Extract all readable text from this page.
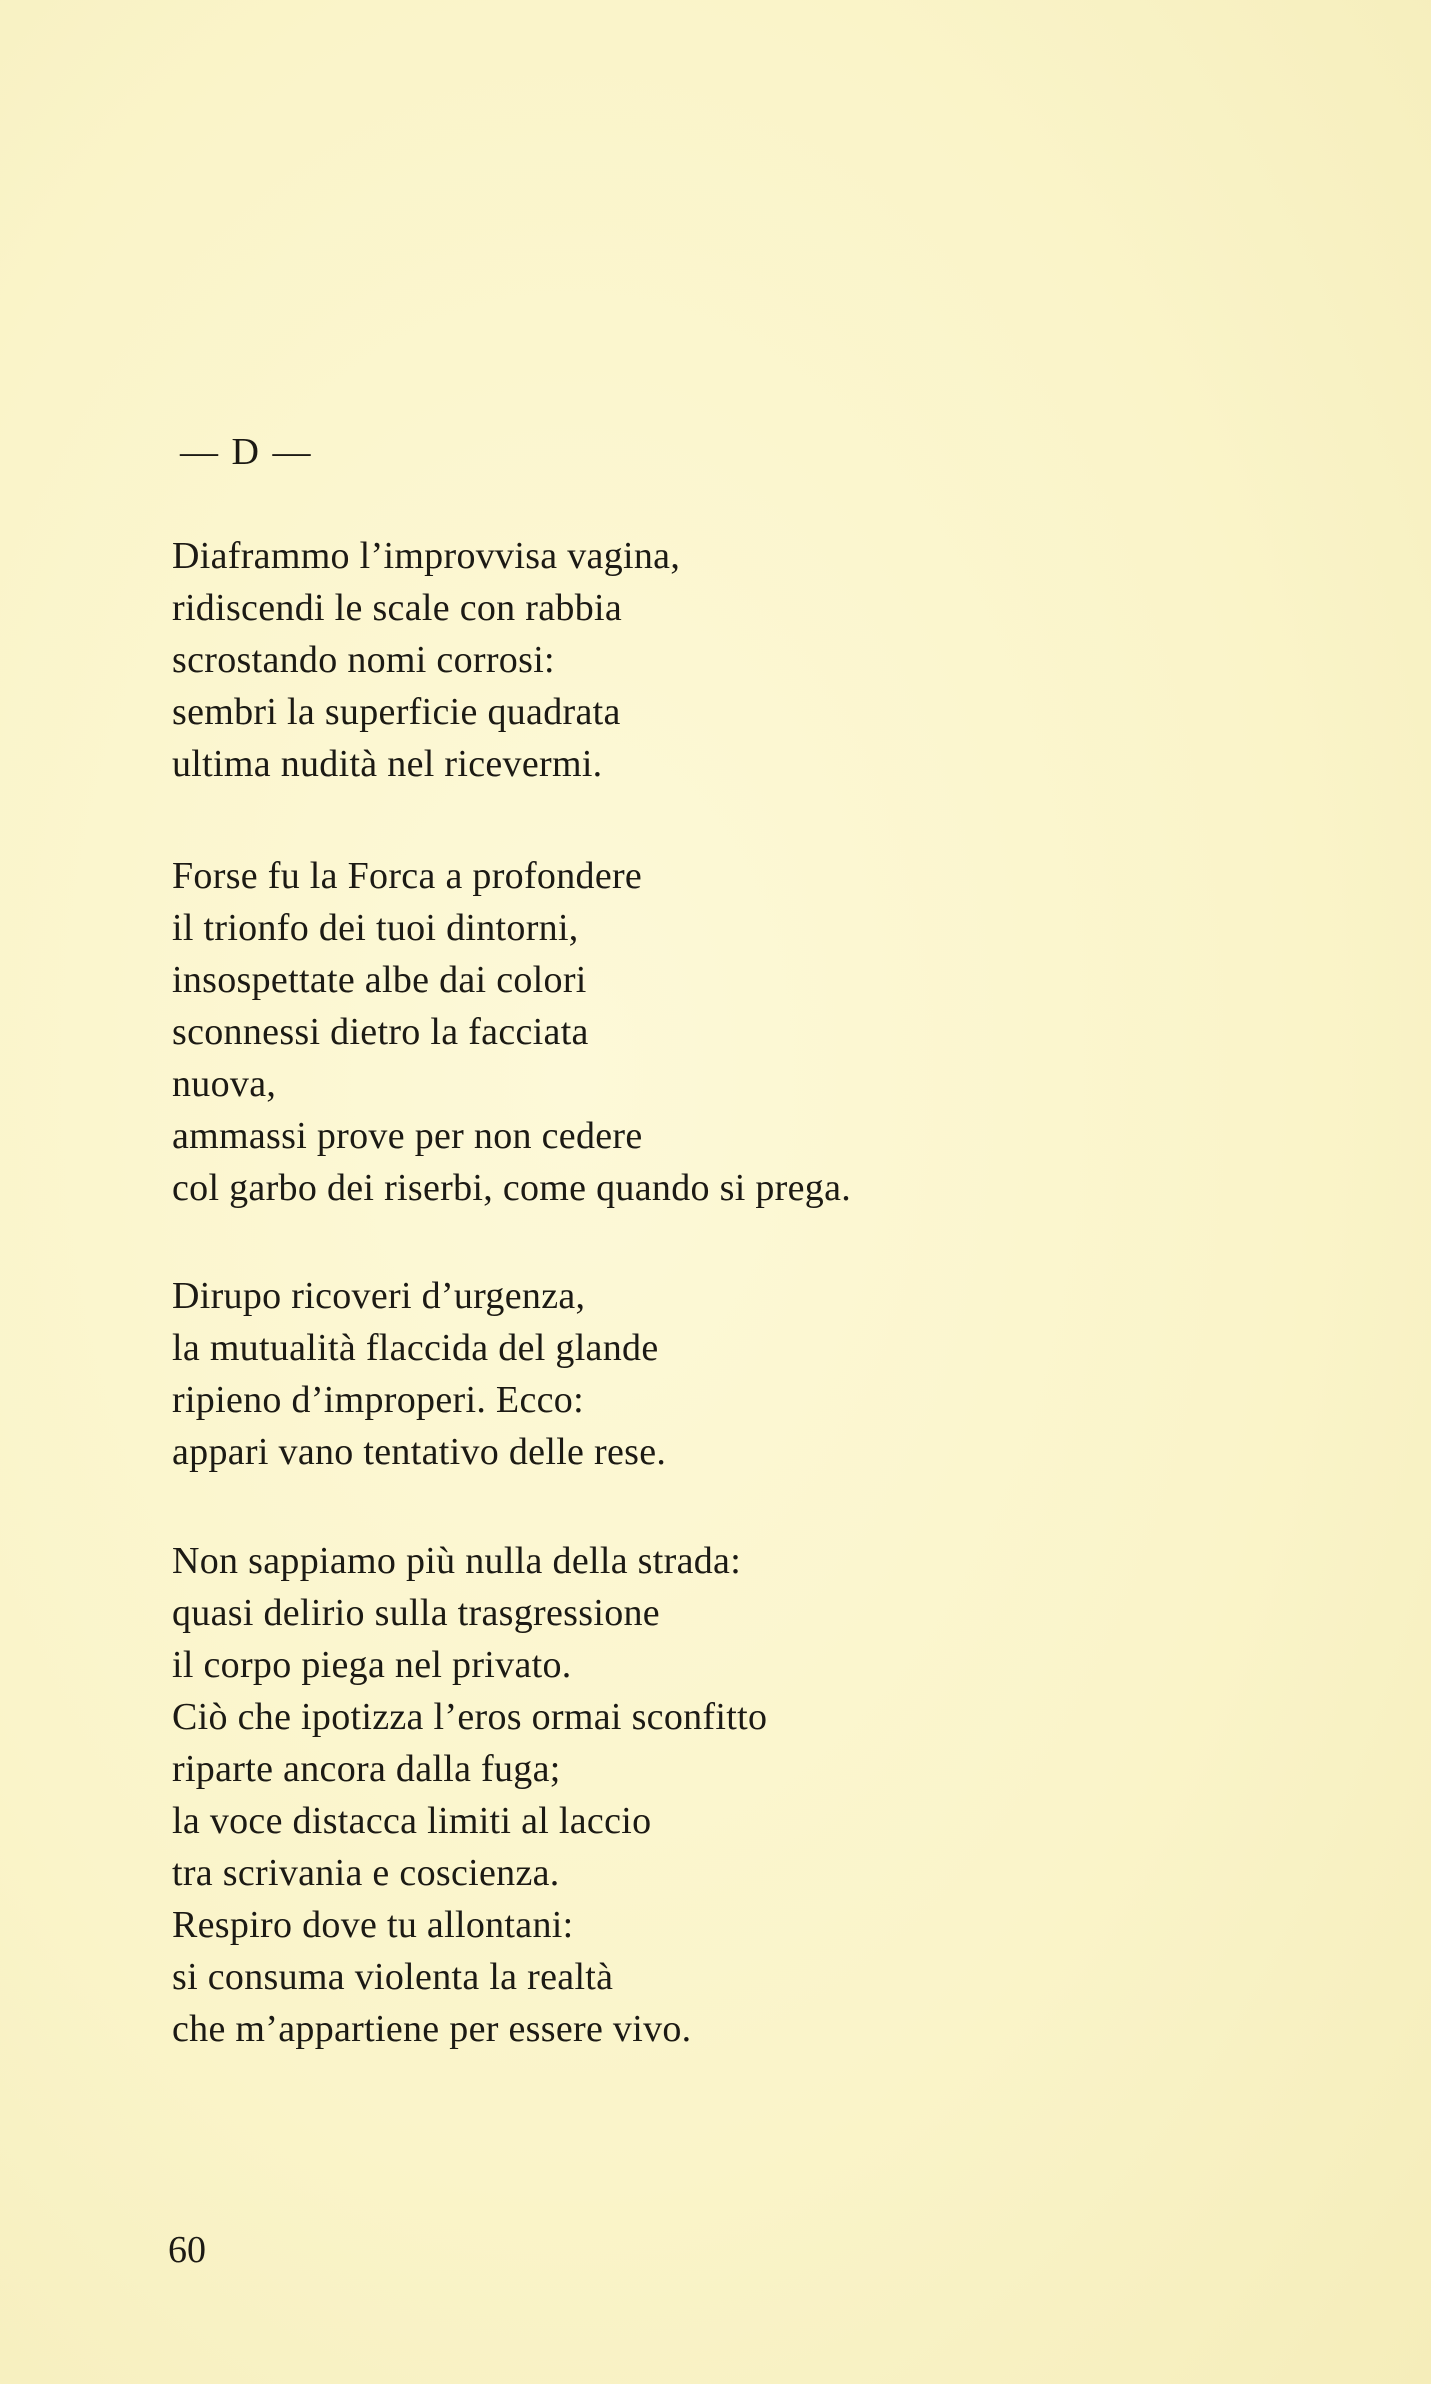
— D —
Diaframmo l’improvvisa vagina,
ridiscendi le scale con rabbia
scrostando nomi corrosi:
sembri la superficie quadrata
ultima nudità nel ricevermi.
Forse fu la Forca a profondere
il trionfo dei tuoi dintorni,
insospettate albe dai colori
sconnessi dietro la facciata
nuova,
ammassi prove per non cedere
col garbo dei riserbi, come quando si prega.
Dirupo ricoveri d’urgenza,
la mutualità flaccida del glande
ripieno d’improperi. Ecco:
appari vano tentativo delle rese.
Non sappiamo più nulla della strada:
quasi delirio sulla trasgressione
il corpo piega nel privato.
Ciò che ipotizza l’eros ormai sconfitto
riparte ancora dalla fuga;
la voce distacca limiti al laccio
tra scrivania e coscienza.
Respiro dove tu allontani:
si consuma violenta la realtà
che m’appartiene per essere vivo.
60
